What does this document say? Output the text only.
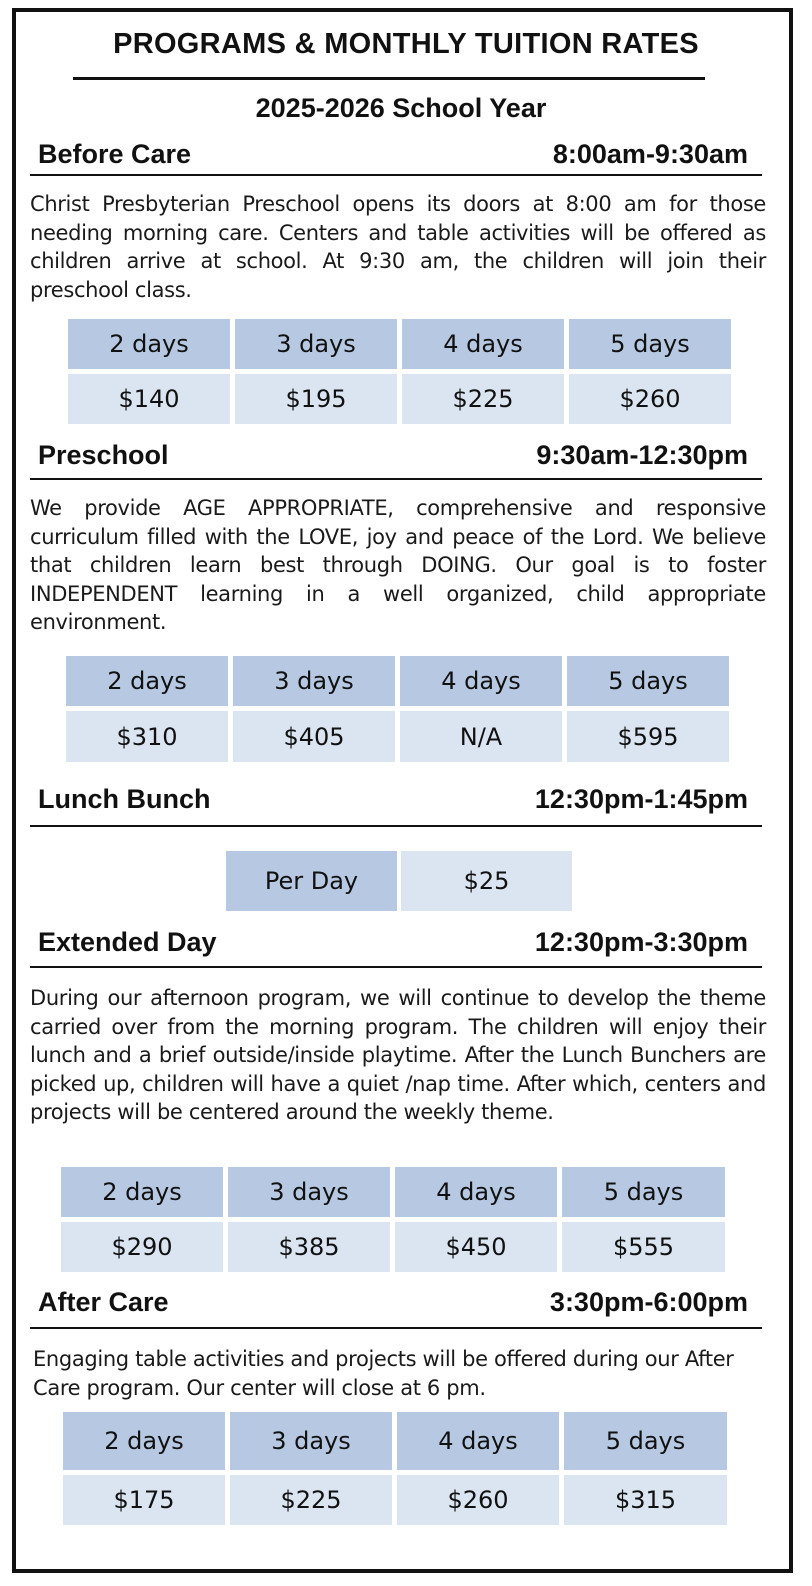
PROGRAMS & MONTHLY TUITION RATES
2025-2026 School Year
Before Care	8:00am-9:30am
Christ Presbyterian Preschool opens its doors at 8:00 am for those needing morning care. Centers and table activities will be offered as children arrive at school. At 9:30 am, the children will join their preschool class.
2 days	3 days	4 days	5 days
$140	$195	$225	$260
Preschool	9:30am-12:30pm
We provide AGE APPROPRIATE, comprehensive and responsive curriculum filled with the LOVE, joy and peace of the Lord. We believe that children learn best through DOING. Our goal is to foster INDEPENDENT learning in a well organized, child appropriate environment.
2 days	3 days	4 days	5 days
$310	$405	N/A	$595
Lunch Bunch	12:30pm-1:45pm
Per Day	$25
Extended Day	12:30pm-3:30pm
During our afternoon program, we will continue to develop the theme carried over from the morning program. The children will enjoy their lunch and a brief outside/inside playtime. After the Lunch Bunchers are picked up, children will have a quiet /nap time. After which, centers and projects will be centered around the weekly theme.
2 days	3 days	4 days	5 days
$290	$385	$450	$555
After Care	3:30pm-6:00pm
Engaging table activities and projects will be offered during our After Care program. Our center will close at 6 pm.
2 days	3 days	4 days	5 days
$175	$225	$260	$315
